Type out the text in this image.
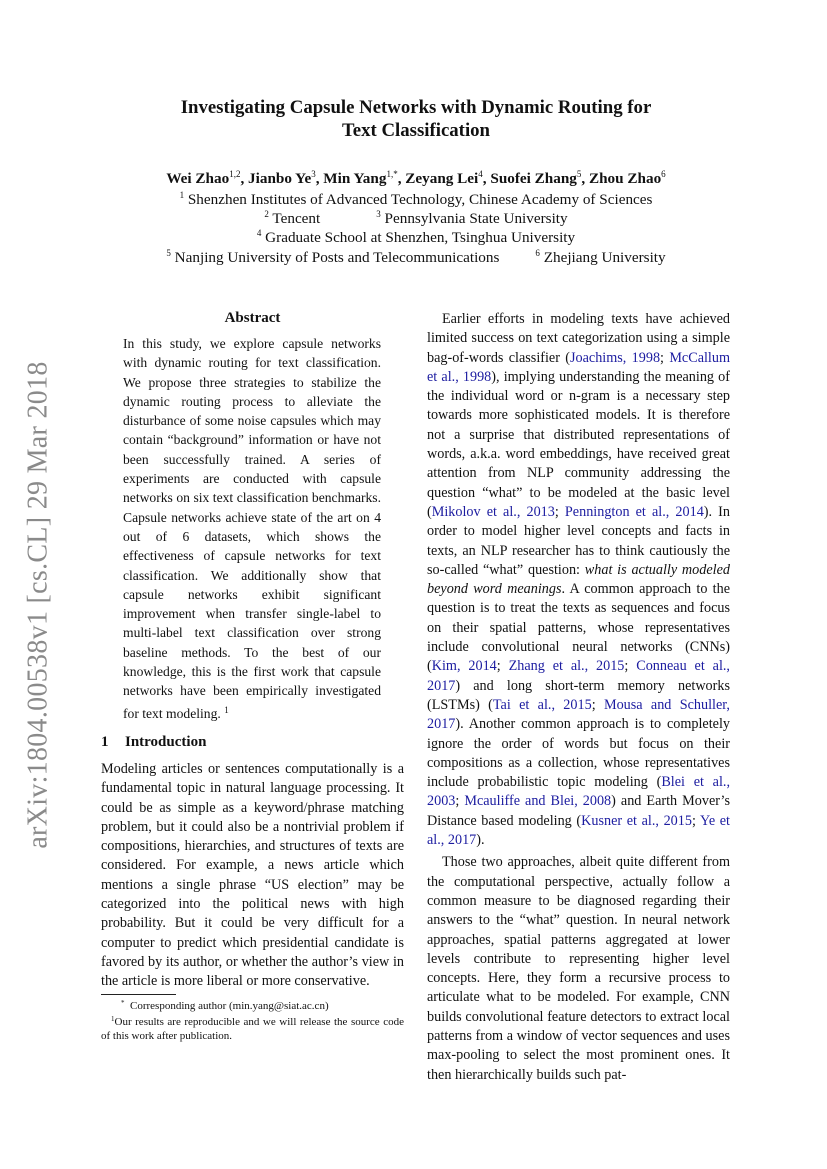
arXiv:1804.00538v1 [cs.CL] 29 Mar 2018
Investigating Capsule Networks with Dynamic Routing for
Text Classification
Wei Zhao$^{1,2}$, Jianbo Ye$^3$, Min Yang$^{1,*}$, Zeyang Lei$^4$, Suofei Zhang$^5$, Zhou Zhao$^6$
$^1$ Shenzhen Institutes of Advanced Technology, Chinese Academy of Sciences
$^2$ Tencent	$^3$ Pennsylvania State University
$^4$ Graduate School at Shenzhen, Tsinghua University
$^5$ Nanjing University of Posts and Telecommunications	$^6$ Zhejiang University
Abstract

In this study, we explore capsule networks with dynamic routing for text classification. We propose three strategies to stabilize the dynamic routing process to alleviate the disturbance of some noise capsules which may contain “background” information or have not been successfully trained. A series of experiments are conducted with capsule networks on six text classification benchmarks. Capsule networks achieve state of the art on 4 out of 6 datasets, which shows the effectiveness of capsule networks for text classification. We additionally show that capsule networks exhibit significant improvement when transfer single-label to multi-label text classification over strong baseline methods. To the best of our knowledge, this is the first work that capsule networks have been empirically investigated for text modeling. $^1$

1 Introduction

Modeling articles or sentences computationally is a fundamental topic in natural language processing. It could be as simple as a keyword/phrase matching problem, but it could also be a nontrivial problem if compositions, hierarchies, and structures of texts are considered. For example, a news article which mentions a single phrase “US election” may be categorized into the political news with high probability. But it could be very difficult for a computer to predict which presidential candidate is favored by its author, or whether the author’s view in the article is more liberal or more conservative.

* Corresponding author (min.yang@siat.ac.cn)

$^1$Our results are reproducible and we will release the source code of this work after publication.

Earlier efforts in modeling texts have achieved limited success on text categorization using a simple bag-of-words classifier (Joachims, 1998; McCallum et al., 1998), implying understanding the meaning of the individual word or n-gram is a necessary step towards more sophisticated models. It is therefore not a surprise that distributed representations of words, a.k.a. word embeddings, have received great attention from NLP community addressing the question “what” to be modeled at the basic level (Mikolov et al., 2013; Pennington et al., 2014). In order to model higher level concepts and facts in texts, an NLP researcher has to think cautiously the so-called “what” question: what is actually modeled beyond word meanings. A common approach to the question is to treat the texts as sequences and focus on their spatial patterns, whose representatives include convolutional neural networks (CNNs) (Kim, 2014; Zhang et al., 2015; Conneau et al., 2017) and long short-term memory networks (LSTMs) (Tai et al., 2015; Mousa and Schuller, 2017). Another common approach is to completely ignore the order of words but focus on their compositions as a collection, whose representatives include probabilistic topic modeling (Blei et al., 2003; Mcauliffe and Blei, 2008) and Earth Mover’s Distance based modeling (Kusner et al., 2015; Ye et al., 2017).

Those two approaches, albeit quite different from the computational perspective, actually follow a common measure to be diagnosed regarding their answers to the “what” question. In neural network approaches, spatial patterns aggregated at lower levels contribute to representing higher level concepts. Here, they form a recursive process to articulate what to be modeled. For example, CNN builds convolutional feature detectors to extract local patterns from a window of vector sequences and uses max-pooling to select the most prominent ones. It then hierarchically builds such pat-
